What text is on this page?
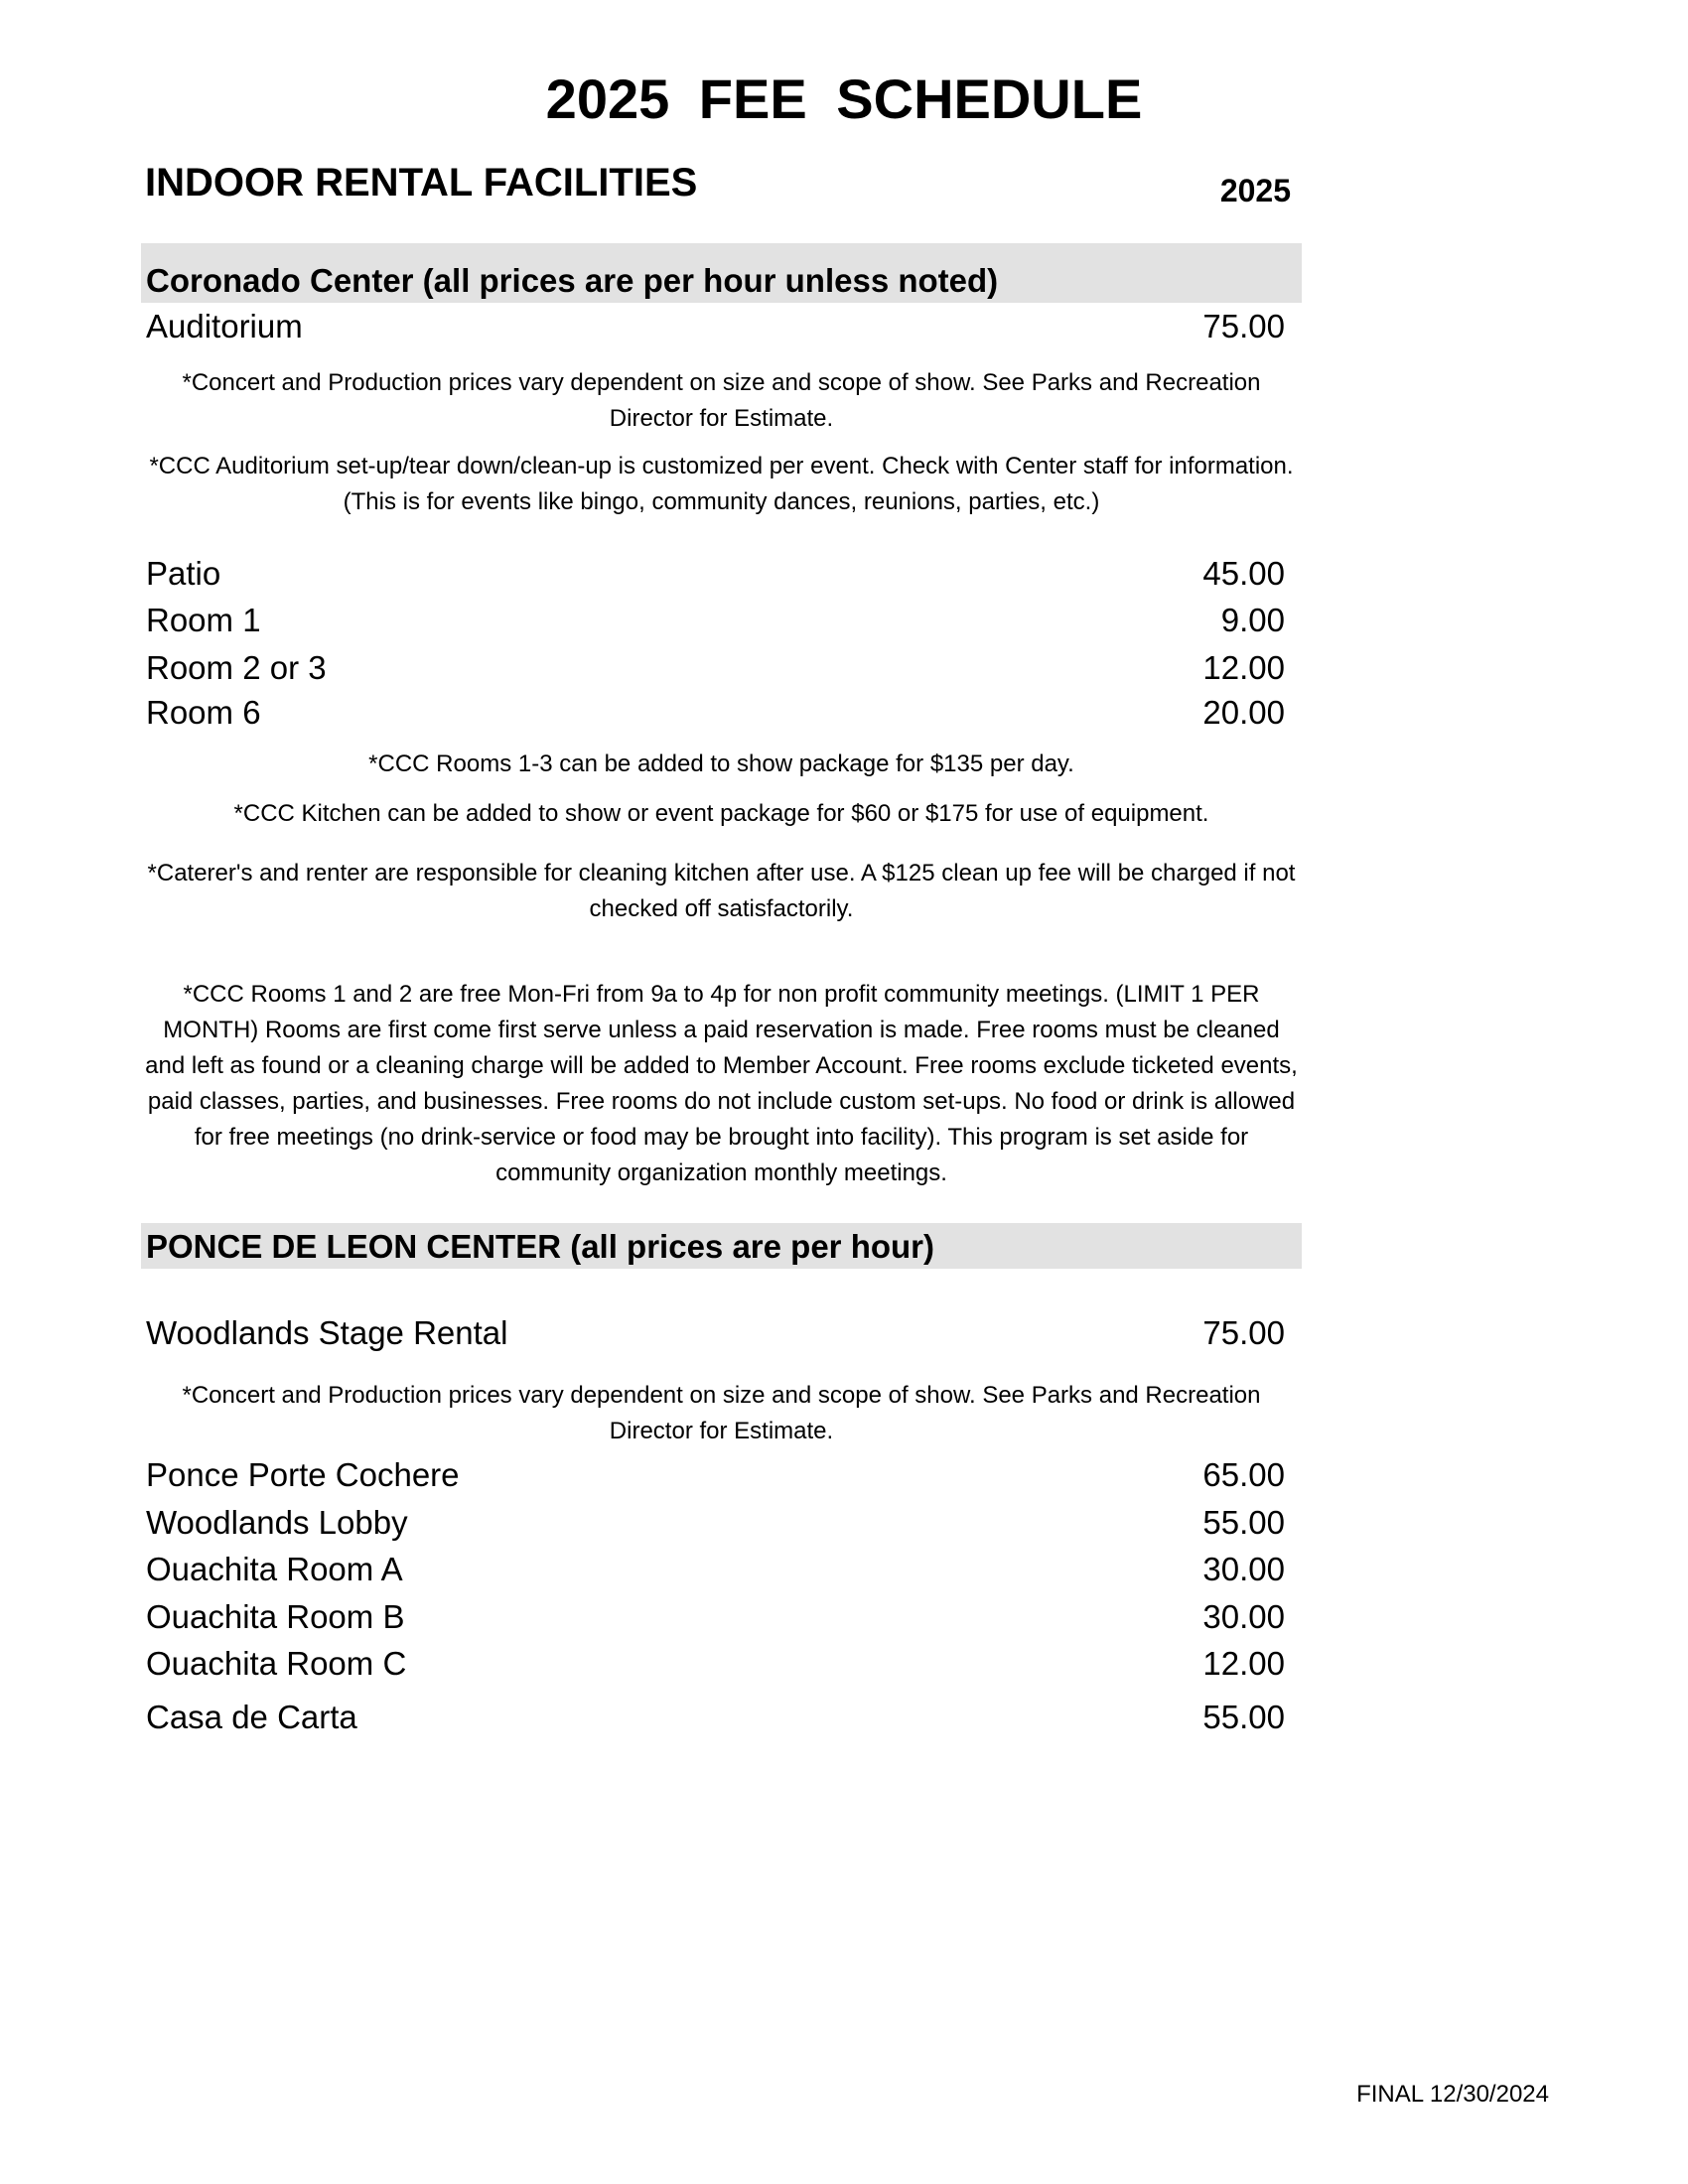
2025 FEE SCHEDULE
INDOOR RENTAL FACILITIES	2025
Coronado Center (all prices are per hour unless noted)
Auditorium	75.00
*Concert and Production prices vary dependent on size and scope of show. See Parks and Recreation Director for Estimate.
*CCC Auditorium set-up/tear down/clean-up is customized per event. Check with Center staff for information. (This is for events like bingo, community dances, reunions, parties, etc.)
Patio	45.00
Room 1	9.00
Room 2 or 3	12.00
Room 6	20.00
*CCC Rooms 1-3 can be added to show package for $135 per day.
*CCC Kitchen can be added to show or event package for $60 or $175 for use of equipment.
*Caterer's and renter are responsible for cleaning kitchen after use. A $125 clean up fee will be charged if not checked off satisfactorily.
*CCC Rooms 1 and 2 are free Mon-Fri from 9a to 4p for non profit community meetings. (LIMIT 1 PER MONTH) Rooms are first come first serve unless a paid reservation is made. Free rooms must be cleaned and left as found or a cleaning charge will be added to Member Account. Free rooms exclude ticketed events, paid classes, parties, and businesses. Free rooms do not include custom set-ups. No food or drink is allowed for free meetings (no drink-service or food may be brought into facility). This program is set aside for community organization monthly meetings.
PONCE DE LEON CENTER (all prices are per hour)
Woodlands Stage Rental	75.00
*Concert and Production prices vary dependent on size and scope of show. See Parks and Recreation Director for Estimate.
Ponce Porte Cochere	65.00
Woodlands Lobby	55.00
Ouachita Room A	30.00
Ouachita Room B	30.00
Ouachita Room C	12.00
Casa de Carta	55.00
FINAL 12/30/2024
